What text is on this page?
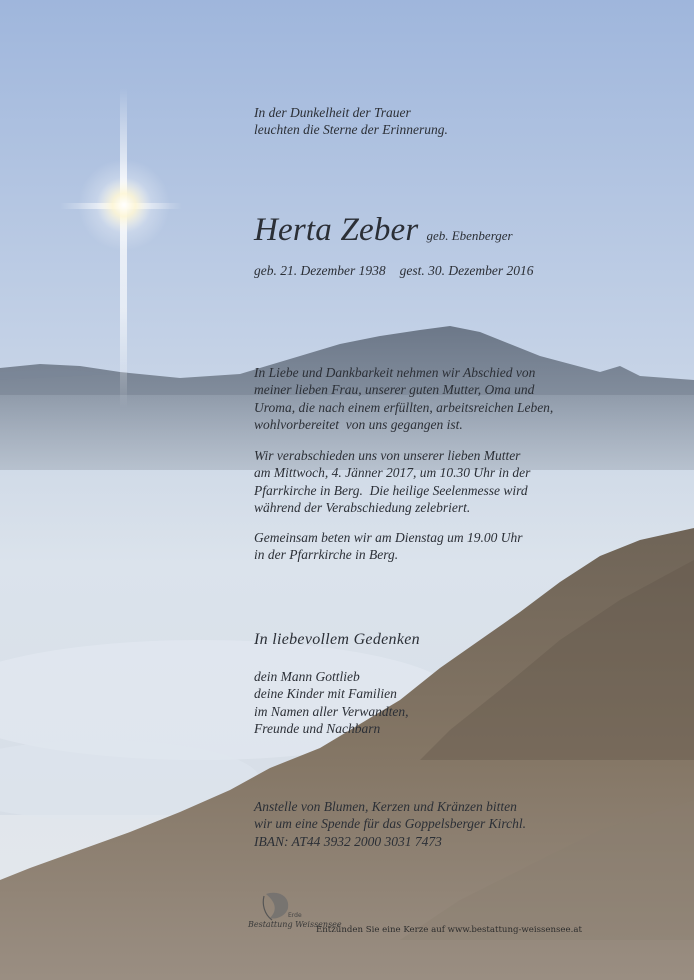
In der Dunkelheit der Trauer
leuchten die Sterne der Erinnerung.
Herta Zeber geb. Ebenberger
geb. 21. Dezember 1938 gest. 30. Dezember 2016
In Liebe und Dankbarkeit nehmen wir Abschied von
meiner lieben Frau, unserer guten Mutter, Oma und
Uroma, die nach einem erfüllten, arbeitsreichen Leben,
wohlvorbereitet  von uns gegangen ist.
Wir verabschieden uns von unserer lieben Mutter
am Mittwoch, 4. Jänner 2017, um 10.30 Uhr in der
Pfarrkirche in Berg.  Die heilige Seelenmesse wird
während der Verabschiedung zelebriert.
Gemeinsam beten wir am Dienstag um 19.00 Uhr
in der Pfarrkirche in Berg.
In liebevollem Gedenken
dein Mann Gottlieb
deine Kinder mit Familien
im Namen aller Verwandten,
Freunde und Nachbarn
Anstelle von Blumen, Kerzen und Kränzen bitten
wir um eine Spende für das Goppelsberger Kirchl.
IBAN: AT44 3932 2000 3031 7473
Erde
Bestattung Weissensee
Entzünden Sie eine Kerze auf www.bestattung-weissensee.at
